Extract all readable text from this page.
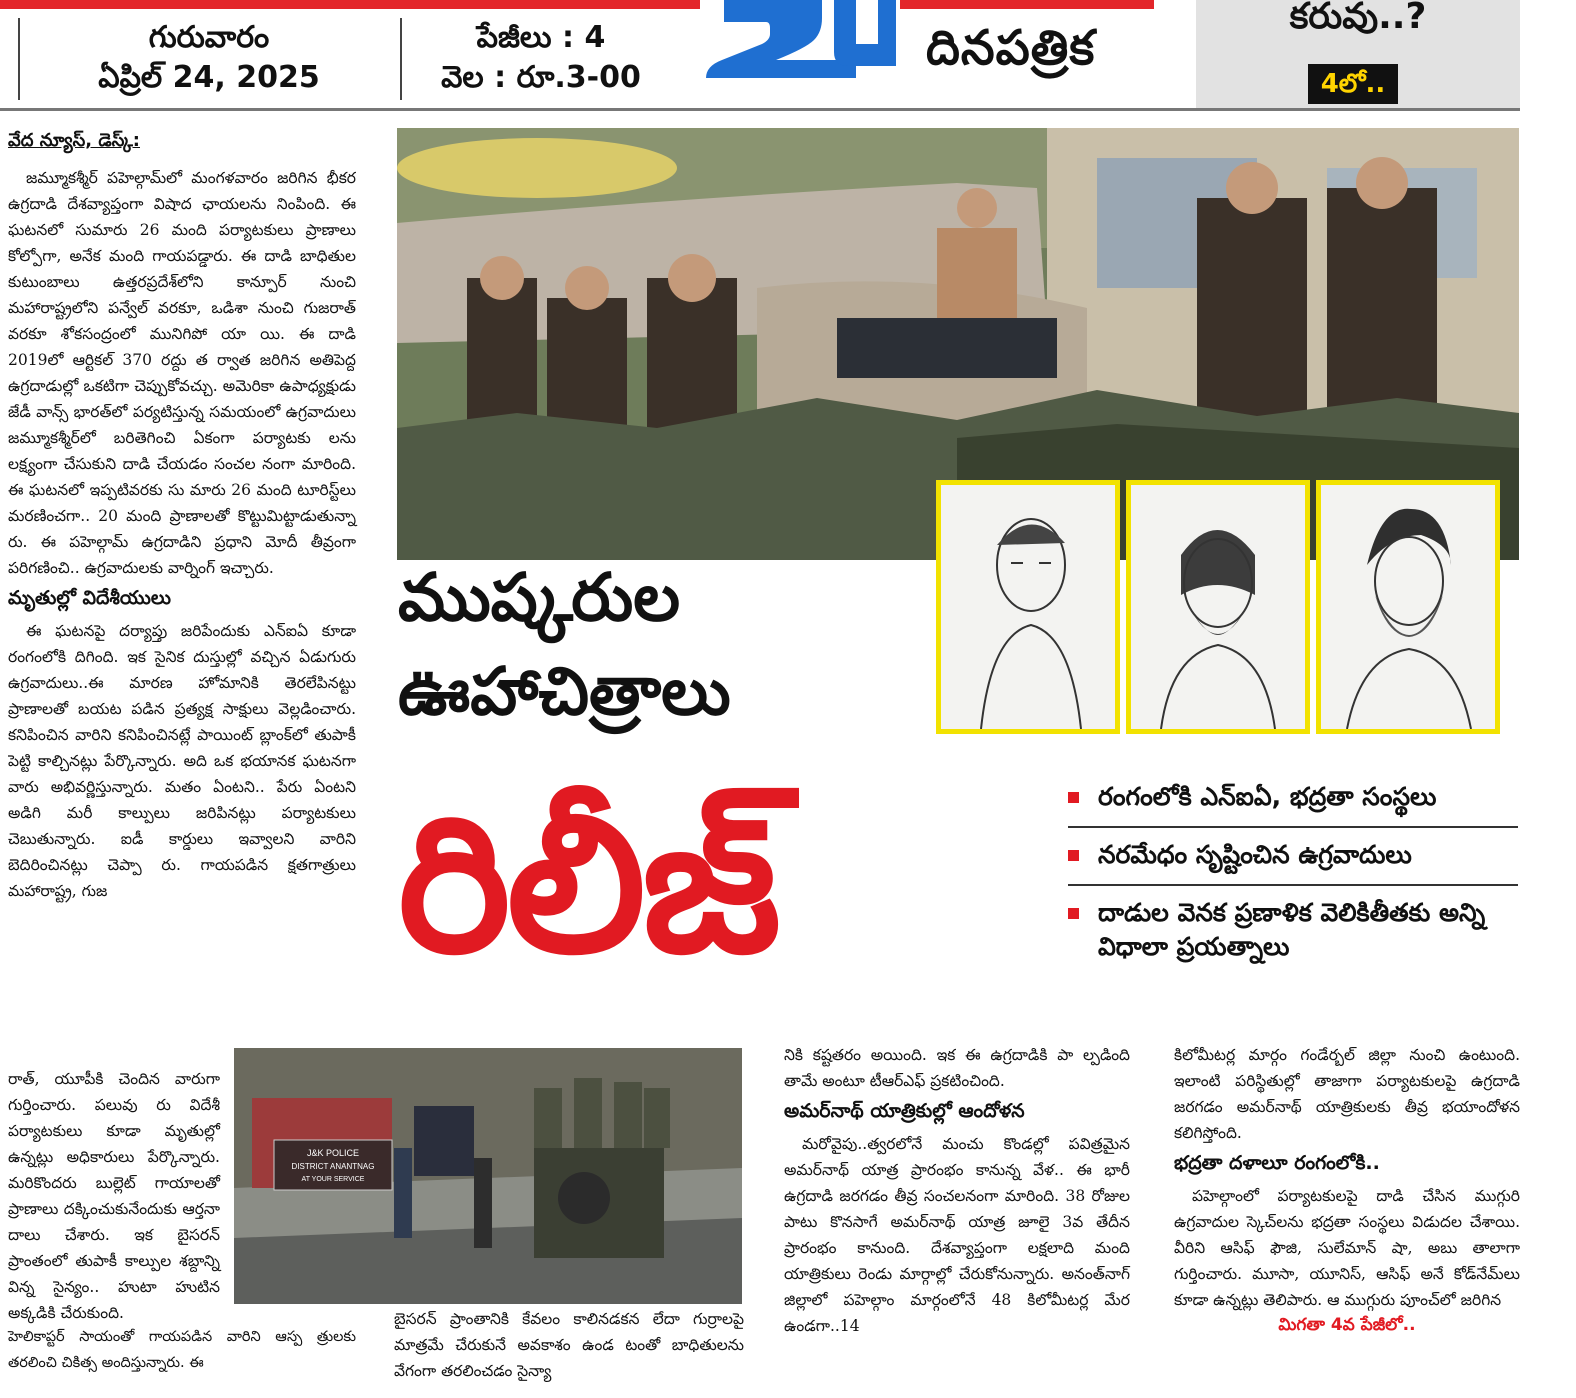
గురువారం
ఏప్రిల్ 24, 2025
పేజీలు : 4
వెల : రూ.3-00
దినపత్రిక
కరువు..?
4లో..
వేద న్యూస్, డెస్క్:

జమ్మూకశ్మీర్ పహెల్గామ్‌లో మంగళవారం జరిగిన భీకర ఉగ్రదాడి దేశవ్యాప్తంగా విషాద ఛాయలను నింపింది. ఈ ఘటనలో సుమారు 26 మంది పర్యాటకులు ప్రాణాలు కోల్పోగా, అనేక మంది గాయపడ్డారు. ఈ దాడి బాధితుల కుటుంబాలు ఉత్తరప్రదేశ్‌లోని కాన్పూర్ నుంచి మహారాష్ట్రలోని పన్వేల్ వరకూ, ఒడిశా నుంచి గుజరాత్ వరకూ శోకసంద్రంలో మునిగిపో యా యి. ఈ దాడి 2019లో ఆర్టికల్ 370 రద్దు త ర్వాత జరిగిన అతిపెద్ద ఉగ్రదాడుల్లో ఒకటిగా చెప్పుకోవచ్చు. అమెరికా ఉపాధ్యక్షుడు జేడీ వాన్స్ భారత్‌లో పర్యటిస్తున్న సమయంలో ఉగ్రవాదులు జమ్మూకశ్మీర్‌లో బరితెగించి ఏకంగా పర్యాటకు లను లక్ష్యంగా చేసుకుని దాడి చేయడం సంచల నంగా మారింది. ఈ ఘటనలో ఇప్పటివరకు సు మారు 26 మంది టూరిస్ట్‌లు మరణించగా.. 20 మంది ప్రాణాలతో కొట్టుమిట్టాడుతున్నా రు. ఈ పహెల్గామ్ ఉగ్రదాడిని ప్రధాని మోదీ తీవ్రంగా పరిగణించి.. ఉగ్రవాదులకు వార్నింగ్ ఇచ్చారు.

మృతుల్లో విదేశీయులు

ఈ ఘటనపై దర్యాప్తు జరిపేందుకు ఎన్ఐఏ కూడా రంగంలోకి దిగింది. ఇక సైనిక దుస్తుల్లో వచ్చిన ఏడుగురు ఉగ్రవాదులు..ఈ మారణ హోమానికి తెరలేపినట్టు ప్రాణాలతో బయట పడిన ప్రత్యక్ష సాక్షులు వెల్లడించారు. కనిపించిన వారిని కనిపించినట్లే పాయింట్ బ్లాంక్‌లో తుపాకీ పెట్టి కాల్చినట్లు పేర్కొన్నారు. అది ఒక భయానక ఘటనగా వారు అభివర్ణిస్తున్నారు. మతం ఏంటని.. పేరు ఏంటని అడిగి మరీ కాల్పులు జరిపినట్లు పర్యాటకులు చెబుతున్నారు. ఐడీ కార్డులు ఇవ్వాలని వారిని బెదిరించినట్లు చెప్పా రు. గాయపడిన క్షతగాత్రులు మహారాష్ట్ర, గుజ

రాత్, యూపీకి చెందిన వారుగా గుర్తించారు. పలువు రు విదేశీ పర్యాటకులు కూడా మృతుల్లో ఉన్నట్లు అధికారులు పేర్కొన్నారు. మరికొందరు బుల్లెట్ గాయాలతో ప్రాణాలు దక్కించుకునేందుకు ఆర్తనా దాలు చేశారు. ఇక బైసరన్ ప్రాంతంలో తుపాకీ కాల్పుల శబ్దాన్ని విన్న సైన్యం.. హుటా హుటిన అక్కడికి చేరుకుంది.

హెలికాప్టర్ సాయంతో గాయపడిన వారిని ఆస్ప త్రులకు తరలించి చికిత్స అందిస్తున్నారు. ఈ

ముష్కరుల
ఊహాచిత్రాలు
రిలీజ్	రంగంలోకి ఎన్ఐఏ, భద్రతా సంస్థలు
నరమేధం సృష్టించిన ఉగ్రవాదులు
దాడుల వెనక ప్రణాళిక వెలికితీతకు అన్ని విధాలా ప్రయత్నాలు
J&K POLICE
DISTRICT ANANTNAG
AT YOUR SERVICE
బైసరన్ ప్రాంతానికి కేవలం కాలినడకన లేదా గుర్రాలపై మాత్రమే చేరుకునే అవకాశం ఉండ టంతో బాధితులను వేగంగా తరలించడం సైన్యా

నికి కష్టతరం అయింది. ఇక ఈ ఉగ్రదాడికి పా ల్పడింది తామే అంటూ టీఆర్ఎఫ్ ప్రకటించింది.

అమర్‌నాథ్ యాత్రికుల్లో ఆందోళన

మరోవైపు..త్వరలోనే మంచు కొండల్లో పవిత్రమైన అమర్‌నాథ్ యాత్ర ప్రారంభం కానున్న వేళ.. ఈ భారీ ఉగ్రదాడి జరగడం తీవ్ర సంచలనంగా మారింది. 38 రోజుల పాటు కొనసాగే అమర్‌నాథ్ యాత్ర జూలై 3వ తేదీన ప్రారంభం కానుంది. దేశవ్యాప్తంగా లక్షలాది మంది యాత్రికులు రెండు మార్గాల్లో చేరుకోనున్నారు. అనంత్‌నాగ్ జిల్లాలో పహెల్గాం మార్గంలోనే 48 కిలోమీటర్ల మేర ఉండగా..14

కిలోమీటర్ల మార్గం గండేర్బల్ జిల్లా నుంచి ఉంటుంది. ఇలాంటి పరిస్థితుల్లో తాజాగా పర్యాటకులపై ఉగ్రదాడి జరగడం అమర్‌నాథ్ యాత్రికులకు తీవ్ర భయాందోళన కలిగిస్తోంది.

భద్రతా దళాలూ రంగంలోకి..

పహెల్గాంలో పర్యాటకులపై దాడి చేసిన ముగ్గురి ఉగ్రవాదుల స్కెచ్‌లను భద్రతా సంస్థలు విడుదల చేశాయి. వీరిని ఆసిఫ్ ఫౌజి, సులేమాన్ షా, అబు తాలాగా గుర్తించారు. మూసా, యూనిస్, ఆసిఫ్ అనే కోడ్‌నేమ్‌లు కూడా ఉన్నట్లు తెలిపారు. ఆ ముగ్గురు పూంచ్‌లో జరిగిన

మిగతా 4వ పేజీలో..
